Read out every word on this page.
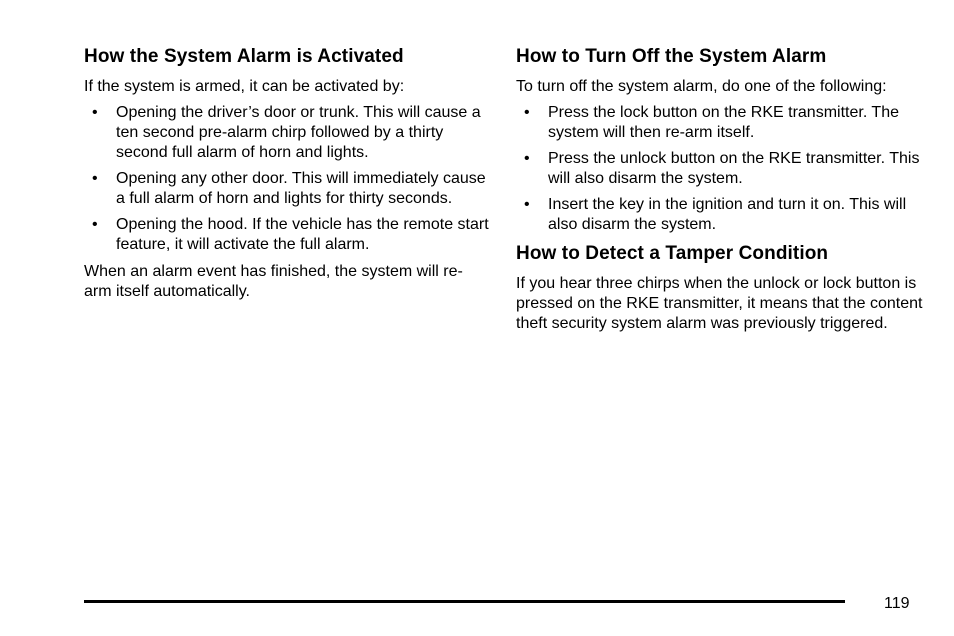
How the System Alarm is Activated

If the system is armed, it can be activated by:

• Opening the driver’s door or trunk. This will cause a ten second pre-alarm chirp followed by a thirty second full alarm of horn and lights.
• Opening any other door. This will immediately cause a full alarm of horn and lights for thirty seconds.
• Opening the hood. If the vehicle has the remote start feature, it will activate the full alarm.

When an alarm event has finished, the system will re-arm itself automatically.

How to Turn Off the System Alarm

To turn off the system alarm, do one of the following:

• Press the lock button on the RKE transmitter. The system will then re-arm itself.
• Press the unlock button on the RKE transmitter. This will also disarm the system.
• Insert the key in the ignition and turn it on. This will also disarm the system.
How to Detect a Tamper Condition

If you hear three chirps when the unlock or lock button is pressed on the RKE transmitter, it means that the content theft security system alarm was previously triggered.

119
